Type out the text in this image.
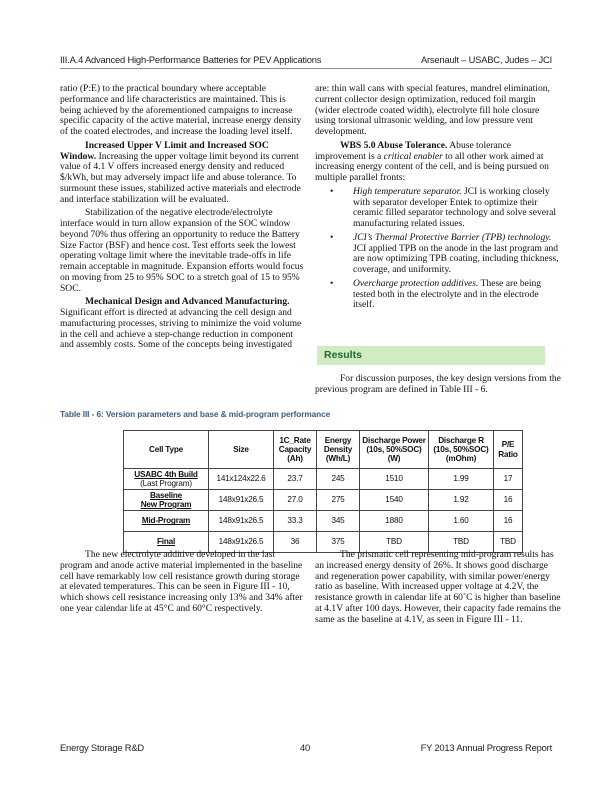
III.A.4 Advanced High-Performance Batteries for PEV Applications	Arsenault – USABC, Judes – JCI

ratio (P:E) to the practical boundary where acceptable performance and life characteristics are maintained. This is being achieved by the aforementioned campaigns to increase specific capacity of the active material, increase energy density of the coated electrodes, and increase the loading level itself.

Increased Upper V Limit and Increased SOC Window. Increasing the upper voltage limit beyond its current value of 4.1 V offers increased energy density and reduced $/kWh, but may adversely impact life and abuse tolerance. To surmount these issues, stabilized active materials and electrode and interface stabilization will be evaluated.

Stabilization of the negative electrode/electrolyte interface would in turn allow expansion of the SOC window beyond 70% thus offering an opportunity to reduce the Battery Size Factor (BSF) and hence cost. Test efforts seek the lowest operating voltage limit where the inevitable trade-offs in life remain acceptable in magnitude. Expansion efforts would focus on moving from 25 to 95% SOC to a stretch goal of 15 to 95% SOC.

Mechanical Design and Advanced Manufacturing. Significant effort is directed at advancing the cell design and manufacturing processes, striving to minimize the void volume in the cell and achieve a step-change reduction in component and assembly costs. Some of the concepts being investigated

are: thin wall cans with special features, mandrel elimination, current collector design optimization, reduced foil margin (wider electrode coated width), electrolyte fill hole closure using torsional ultrasonic welding, and low pressure vent development.

WBS 5.0 Abuse Tolerance. Abuse tolerance improvement is a critical enabler to all other work aimed at increasing energy content of the cell, and is being pursued on multiple parallel fronts:

• High temperature separator. JCI is working closely with separator developer Entek to optimize their ceramic filled separator technology and solve several manufacturing related issues.
• JCI’s Thermal Protective Barrier (TPB) technology. JCI applied TPB on the anode in the last program and are now optimizing TPB coating, including thickness, coverage, and uniformity.
• Overcharge protection additives. These are being tested both in the electrolyte and in the electrode itself.
Results

For discussion purposes, the key design versions from the previous program are defined in Table III - 6.

Table III - 6: Version parameters and base & mid-program performance
Cell Type	Size	1C_Rate
Capacity
(Ah)	Energy
Density
(Wh/L)	Discharge Power
(10s, 50%SOC)
(W)	Discharge R
(10s, 50%SOC)
(mOhm)	P/E
Ratio
USABC 4th Build
(Last Program)	141x124x22.6	23.7	245	1510	1.99	17
Baseline
New Program	148x91x26.5	27.0	275	1540	1.92	16
Mid-Program	148x91x26.5	33.3	345	1880	1.60	16
Final	148x91x26.5	36	375	TBD	TBD	TBD

The new electrolyte additive developed in the last program and anode active material implemented in the baseline cell have remarkably low cell resistance growth during storage at elevated temperatures. This can be seen in Figure III - 10, which shows cell resistance increasing only 13% and 34% after one year calendar life at 45°C and 60°C respectively.

The prismatic cell representing mid-program results has an increased energy density of 26%. It shows good discharge and regeneration power capability, with similar power/energy ratio as baseline. With increased upper voltage at 4.2V, the resistance growth in calendar life at 60˚C is higher than baseline at 4.1V after 100 days. However, their capacity fade remains the same as the baseline at 4.1V, as seen in Figure III - 11.

Energy Storage R&D	40	FY 2013 Annual Progress Report
